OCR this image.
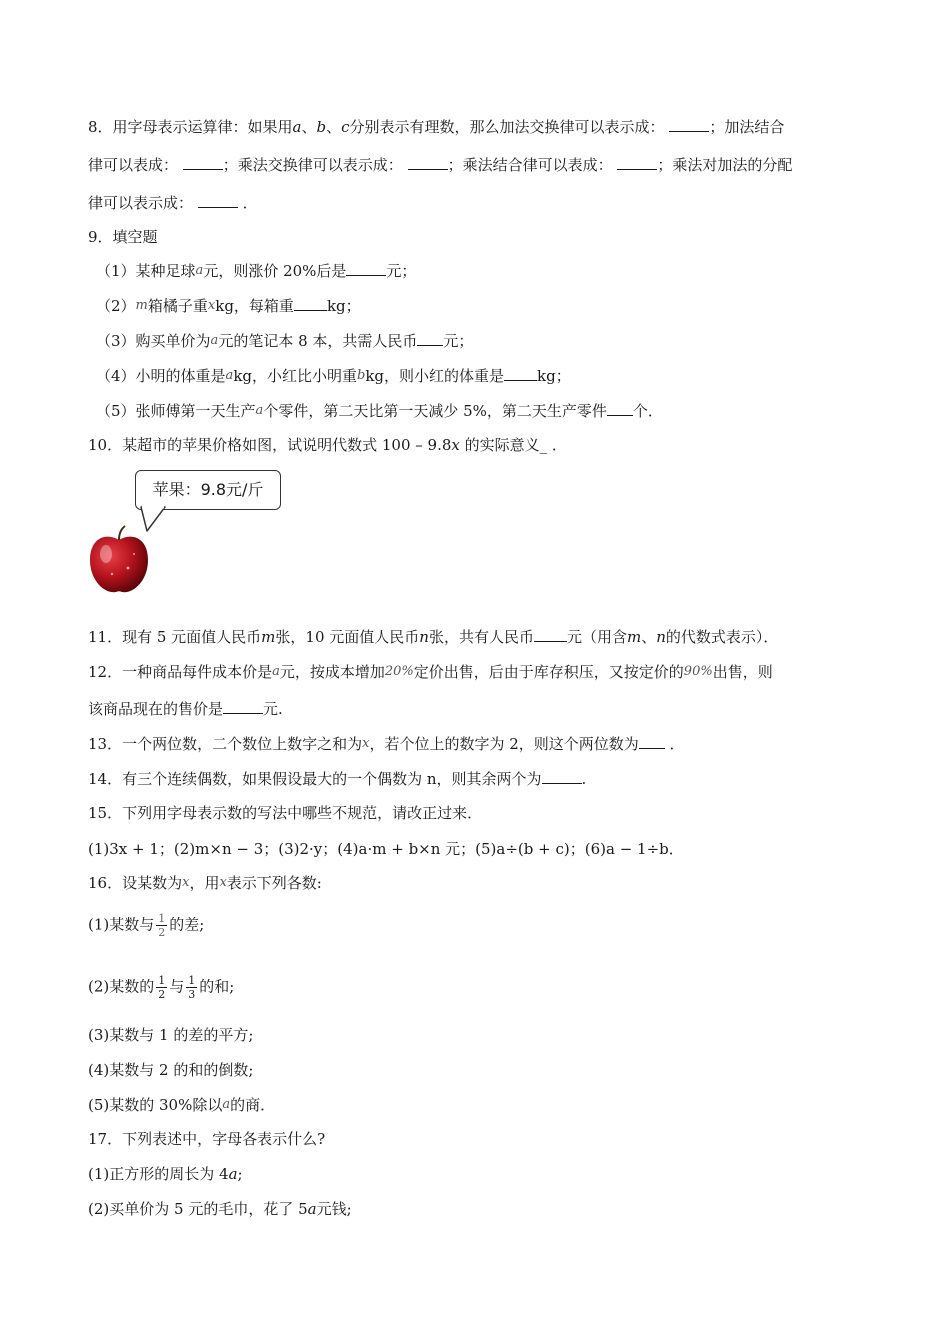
8．用字母表示运算律：如果用a、b、c分别表示有理数，那么加法交换律可以表示成：	；加法结合
律可以表成：	；乘法交换律可以表示成：	；乘法结合律可以表成：	；乘法对加法的分配
律可以表示成：	．
9．填空题
（1）某种足球a元，则涨价 20%后是	元；
（2）m箱橘子重xkg，每箱重 kg；
（3）购买单价为a元的笔记本 8 本，共需人民币 元；
（4）小明的体重是akg，小红比小明重bkg，则小红的体重是 kg；
（5）张师傅第一天生产a个零件，第二天比第一天减少 5%，第二天生产零件 个．
10．某超市的苹果价格如图，试说明代数式 100 – 9.8x 的实际意义_ ．
苹果：9.8元/斤
11．现有 5 元面值人民币m张，10 元面值人民币n张，共有人民币 元（用含m、n的代数式表示）．
12．一种商品每件成本价是a元，按成本增加20%定价出售，后由于库存积压，又按定价的90%出售，则
该商品现在的售价是	元.
13．一个两位数，二个数位上数字之和为x，若个位上的数字为 2，则这个两位数为 ．
14．有三个连续偶数，如果假设最大的一个偶数为 n，则其余两个为	.
15．下列用字母表示数的写法中哪些不规范，请改正过来．
(1)3x + 1；(2)m×n − 3；(3)2·y；(4)a·m + b×n 元；(5)a÷(b + c)；(6)a − 1÷b．
16．设某数为x，用x表示下列各数:
(1)某数与 $\frac{1}{2}$ 的差;
(2)某数的 $\frac{1}{2}$ 与 $\frac{1}{3}$ 的和;
(3)某数与 1 的差的平方;
(4)某数与 2 的和的倒数;
(5)某数的 30%除以a的商．
17．下列表述中，字母各表示什么?
(1)正方形的周长为 4a;
(2)买单价为 5 元的毛巾，花了 5a元钱;
